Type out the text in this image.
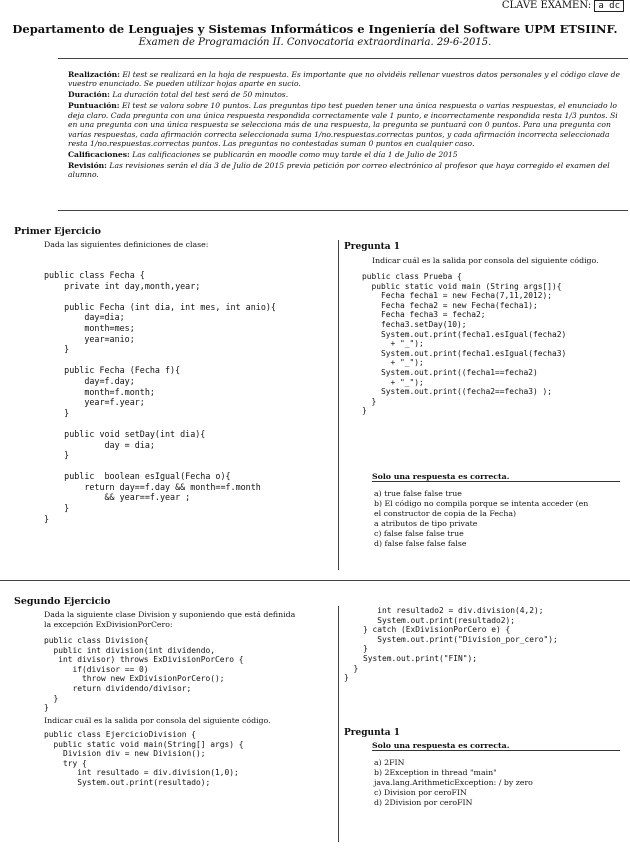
CLAVE EXAMEN: a dc
Departamento de Lenguajes y Sistemas Informáticos e Ingeniería del Software UPM ETSIINF.
Examen de Programación II. Convocatoria extraordinaria. 29-6-2015.

Realización: El test se realizará en la hoja de respuesta. Es importante que no olvidéis rellenar vuestros datos personales y el código clave de vuestro enunciado. Se pueden utilizar hojas aparte en sucio.

Duración: La duración total del test será de 50 minutos.

Puntuación: El test se valora sobre 10 puntos. Las preguntas tipo test pueden tener una única respuesta o varias respuestas, el enunciado lo deja claro. Cada pregunta con una única respuesta respondida correctamente vale 1 punto, e incorrectamente respondida resta 1/3 puntos. Si en una pregunta con una única respuesta se selecciona más de una respuesta, la pregunta se puntuará con 0 puntos. Para una pregunta con varias respuestas, cada afirmación correcta seleccionada suma 1/no.respuestas.correctas puntos, y cada afirmación incorrecta seleccionada resta 1/no.respuestas.correctas puntos. Las preguntas no contestadas suman 0 puntos en cualquier caso.

Calificaciones: Las calificaciones se publicarán en moodle como muy tarde el día 1 de Julio de 2015

Revisión: Las revisiones serán el día 3 de Julio de 2015 previa petición por correo electrónico al profesor que haya corregido el examen del alumno.

Primer Ejercicio
Dada las siguientes definiciones de clase:
public class Fecha {
private int day,month,year;

public Fecha (int dia, int mes, int anio){
day=dia;
month=mes;
year=anio;
}

public Fecha (Fecha f){
day=f.day;
month=f.month;
year=f.year;
}

public void setDay(int dia){
day = dia;
}

public  boolean esIgual(Fecha o){
return day==f.day && month==f.month
&& year==f.year ;
}
}
Pregunta 1
Indicar cuál es la salida por consola del siguiente código.
public class Prueba {
public static void main (String args[]){
Fecha fecha1 = new Fecha(7,11,2012);
Fecha fecha2 = new Fecha(fecha1);
Fecha fecha3 = fecha2;
fecha3.setDay(10);
System.out.print(fecha1.esIgual(fecha2)
+ "_");
System.out.print(fecha1.esIgual(fecha3)
+ "_");
System.out.print((fecha1==fecha2)
+ "_");
System.out.print((fecha2==fecha3) );
}
}
Solo una respuesta es correcta.
a) true false false true
b) El código no compila porque se intenta acceder (en
el constructor de copia de la Fecha)
a atributos de tipo private
c) false false false true
d) false false false false
Segundo Ejercicio
Dada la siguiente clase Division y suponiendo que está definida
la excepción ExDivisionPorCero:
public class Division{
public int division(int dividendo,
int divisor) throws ExDivisionPorCero {
if(divisor == 0)
throw new ExDivisionPorCero();
return dividendo/divisor;
}
}
Indicar cuál es la salida por consola del siguiente código.
public class EjercicioDivision {
public static void main(String[] args) {
Division div = new Division();
try {
int resultado = div.division(1,0);
System.out.print(resultado);
int resultado2 = div.division(4,2);
System.out.print(resultado2);
} catch (ExDivisionPorCero e) {
System.out.print("Division_por_cero");
}
System.out.print("FIN");
}
}
Pregunta 1
Solo una respuesta es correcta.
a) 2FIN
b) 2Exception in thread "main"
java.lang.ArithmeticException: / by zero
c) Division por ceroFIN
d) 2Division por ceroFIN
